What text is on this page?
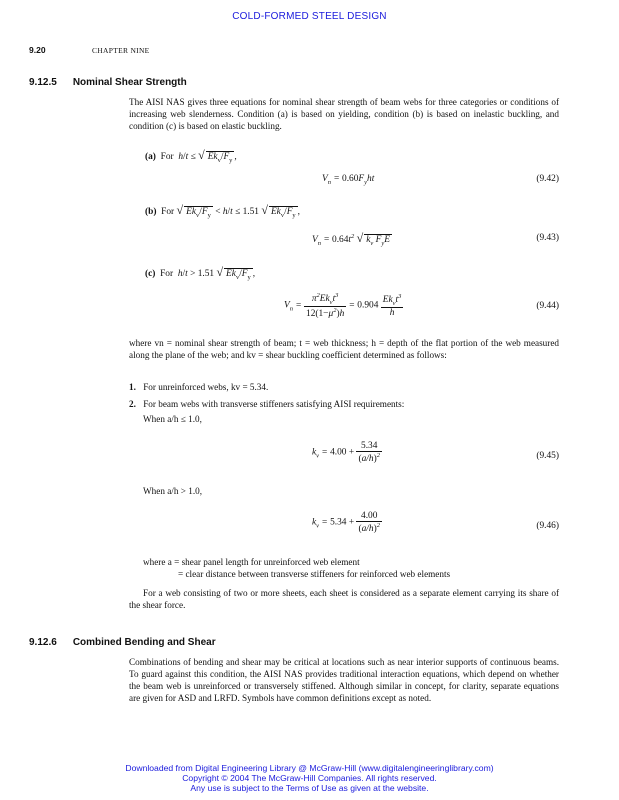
COLD-FORMED STEEL DESIGN
9.20	CHAPTER NINE
9.12.5 Nominal Shear Strength
The AISI NAS gives three equations for nominal shear strength of beam webs for three categories or conditions of increasing web slenderness. Condition (a) is based on yielding, condition (b) is based on inelastic buckling, and condition (c) is based on elastic buckling.
(a)  For  h/t ≤ √ $Ek_v/F_y$ ,
$V_n = 0.60F_yht$	(9.42)
(b)  For √ $Ek_v/F_y < h/t \le 1.51$ √ $Ek_v/F_y$ ,
$V_n = 0.64t^2$ √ $k_v$ $F_yE$	(9.43)
(c)  For  h/t > 1.51 √ $Ek_v/F_y$ ,
$V_n = \frac{\pi^2Ek_vt^3}{12(1-\mu^2)h} = 0.904 \frac{Ek_vt^3}{h}$	(9.44)
where vn = nominal shear strength of beam; t = web thickness; h = depth of the flat portion of the web measured along the plane of the web; and kv = shear buckling coefficient determined as follows:
1. For unreinforced webs, kv = 5.34.
2. For beam webs with transverse stiffeners satisfying AISI requirements:
When a/h ≤ 1.0,
$k_v = 4.00 + \frac{5.34}{(a/h)^2}$	(9.45)
When a/h > 1.0,
$k_v = 5.34 + \frac{4.00}{(a/h)^2}$	(9.46)
where a = shear panel length for unreinforced web element
= clear distance between transverse stiffeners for reinforced web elements
For a web consisting of two or more sheets, each sheet is considered as a separate element carrying its share of the shear force.
9.12.6 Combined Bending and Shear
Combinations of bending and shear may be critical at locations such as near interior supports of continuous beams. To guard against this condition, the AISI NAS provides traditional interaction equations, which depend on whether the beam web is unreinforced or transversely stiffened. Although similar in concept, for clarity, separate equations are given for ASD and LRFD. Symbols have common definitions except as noted.
Downloaded from Digital Engineering Library @ McGraw-Hill (www.digitalengineeringlibrary.com)
Copyright © 2004 The McGraw-Hill Companies. All rights reserved.
Any use is subject to the Terms of Use as given at the website.
